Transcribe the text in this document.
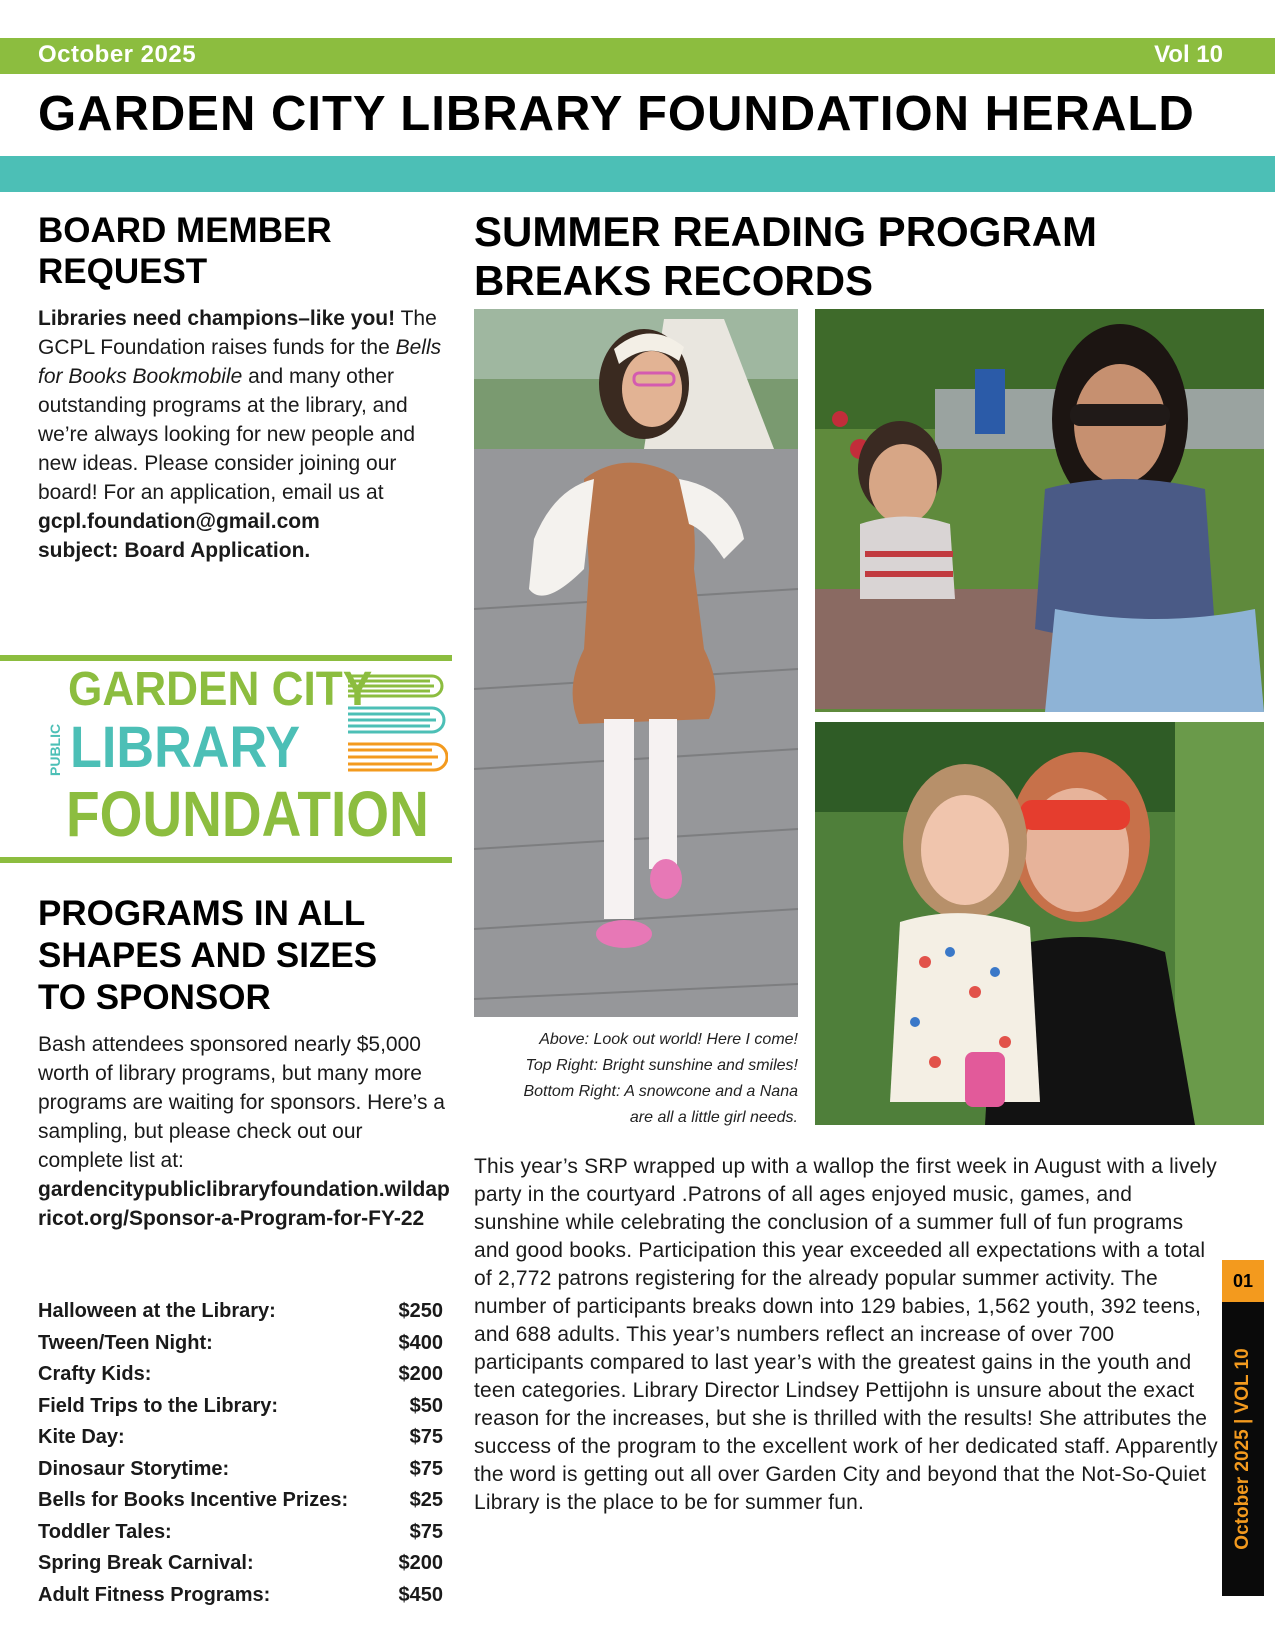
October 2025	Vol 10
GARDEN CITY LIBRARY FOUNDATION HERALD
BOARD MEMBER
REQUEST

Libraries need champions–like you! The GCPL Foundation raises funds for the Bells for Books Bookmobile and many other outstanding programs at the library, and we’re always looking for new people and new ideas. Please consider joining our board! For an application, email us at gcpl.foundation@gmail.com
subject: Board Application.

GARDEN CITY
PUBLIC LIBRARY
FOUNDATION
PROGRAMS IN ALL
SHAPES AND SIZES
TO SPONSOR

Bash attendees sponsored nearly $5,000 worth of library programs, but many more programs are waiting for sponsors. Here’s a sampling, but please check out our complete list at:
gardencitypubliclibraryfoundation.wildapricot.org/Sponsor-a-Program-for-FY-22

Halloween at the Library:	$250
Tween/Teen Night:	$400
Crafty Kids:	$200
Field Trips to the Library:	$50
Kite Day:	$75
Dinosaur Storytime:	$75
Bells for Books Incentive Prizes:	$25
Toddler Tales:	$75
Spring Break Carnival:	$200
Adult Fitness Programs:	$450
SUMMER READING PROGRAM
BREAKS RECORDS
Above: Look out world! Here I come!
Top Right: Bright sunshine and smiles!
Bottom Right: A snowcone and a Nana
are all a little girl needs.

This year’s SRP wrapped up with a wallop the first week in August with a lively party in the courtyard .Patrons of all ages enjoyed music, games, and sunshine while celebrating the conclusion of a summer full of fun programs and good books. Participation this year exceeded all expectations with a total of 2,772 patrons registering for the already popular summer activity. The number of participants breaks down into 129 babies, 1,562 youth, 392 teens, and 688 adults. This year’s numbers reflect an increase of over 700 participants compared to last year’s with the greatest gains in the youth and teen categories. Library Director Lindsey Pettijohn is unsure about the exact reason for the increases, but she is thrilled with the results! She attributes the success of the program to the excellent work of her dedicated staff. Apparently the word is getting out all over Garden City and beyond that the Not-So-Quiet Library is the place to be for summer fun.

01
October 2025 | VOL 10
